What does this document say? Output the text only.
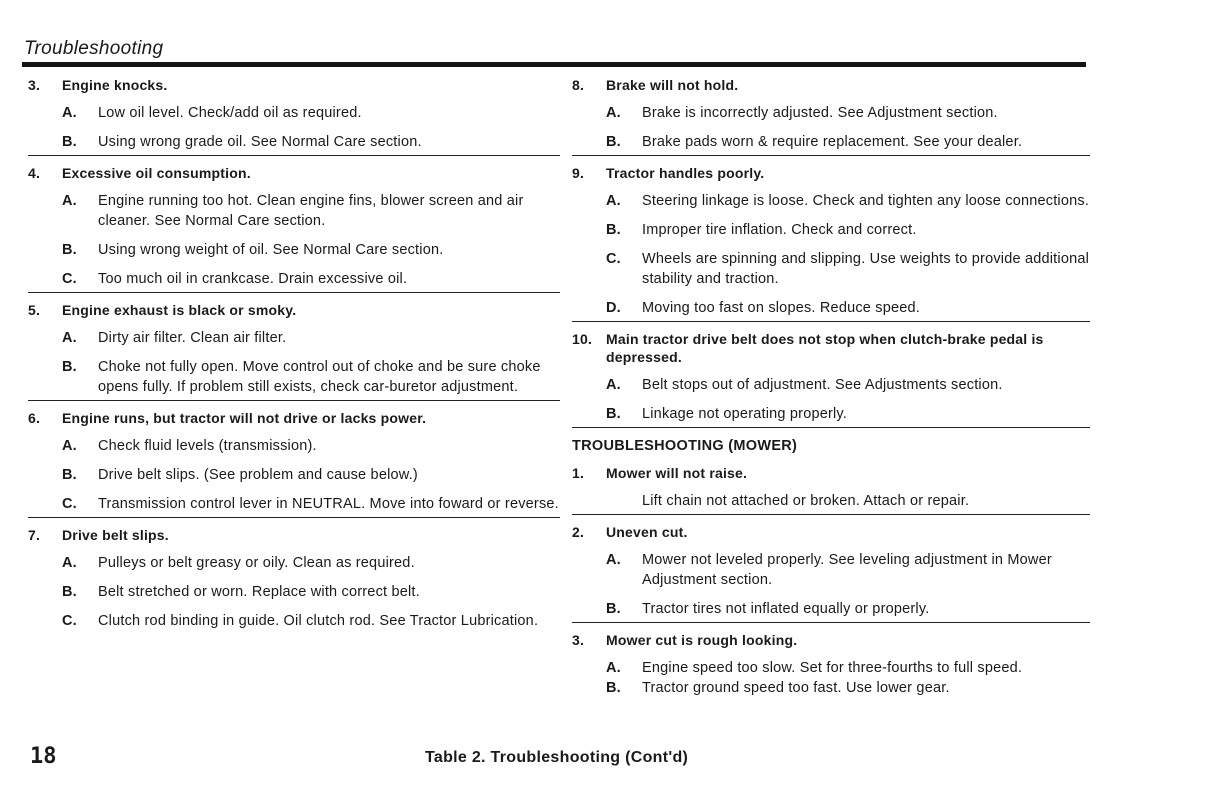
Troubleshooting
3.	Engine knocks.
A.	Low oil level. Check/add oil as required.
B.	Using wrong grade oil. See Normal Care section.
4.	Excessive oil consumption.
A.	Engine running too hot. Clean engine fins, blower screen and air cleaner. See Normal Care section.
B.	Using wrong weight of oil. See Normal Care section.
C.	Too much oil in crankcase. Drain excessive oil.
5.	Engine exhaust is black or smoky.
A.	Dirty air filter. Clean air filter.
B.	Choke not fully open. Move control out of choke and be sure choke opens fully. If problem still exists, check car-buretor adjustment.
6.	Engine runs, but tractor will not drive or lacks power.
A.	Check fluid levels (transmission).
B.	Drive belt slips. (See problem and cause below.)
C.	Transmission control lever in NEUTRAL. Move into foward or reverse.
7.	Drive belt slips.
A.	Pulleys or belt greasy or oily. Clean as required.
B.	Belt stretched or worn. Replace with correct belt.
C.	Clutch rod binding in guide. Oil clutch rod. See Tractor Lubrication.
8.	Brake will not hold.
A.	Brake is incorrectly adjusted. See Adjustment section.
B.	Brake pads worn & require replacement. See your dealer.
9.	Tractor handles poorly.
A.	Steering linkage is loose. Check and tighten any loose connections.
B.	Improper tire inflation. Check and correct.
C.	Wheels are spinning and slipping. Use weights to provide additional stability and traction.
D.	Moving too fast on slopes. Reduce speed.
10. Main tractor drive belt does not stop when clutch-brake pedal is depressed.
A.	Belt stops out of adjustment. See Adjustments section.
B.	Linkage not operating properly.
TROUBLESHOOTING (MOWER)
1.	Mower will not raise.
Lift chain not attached or broken. Attach or repair.
2.	Uneven cut.
A.	Mower not leveled properly. See leveling adjustment in Mower Adjustment section.
B.	Tractor tires not inflated equally or properly.
3.	Mower cut is rough looking.
A.	Engine speed too slow. Set for three-fourths to full speed.
B.	Tractor ground speed too fast. Use lower gear.
18	Table 2. Troubleshooting (Cont'd)
